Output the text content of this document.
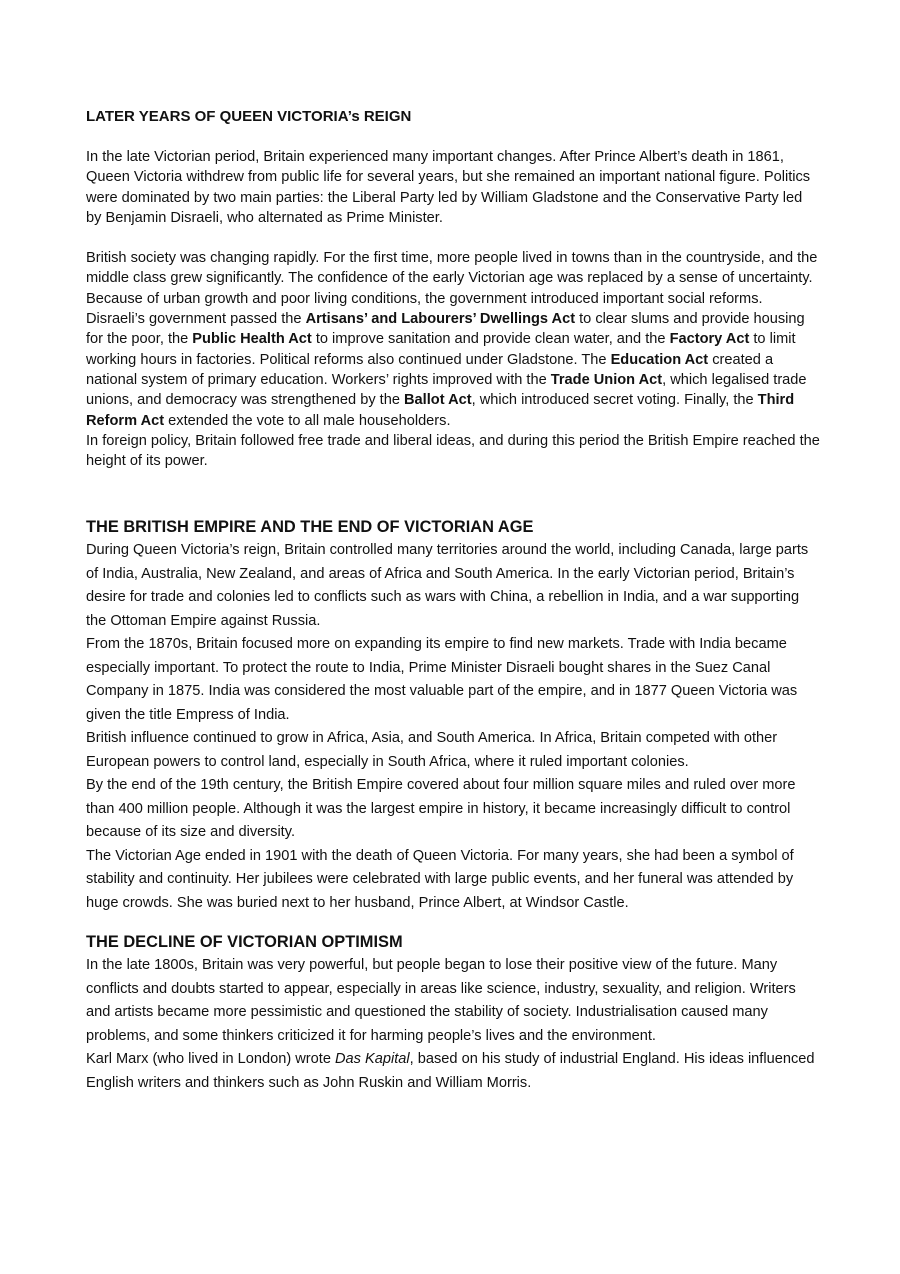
LATER YEARS OF QUEEN VICTORIA’s REIGN

In the late Victorian period, Britain experienced many important changes. After Prince Albert’s death in 1861, Queen Victoria withdrew from public life for several years, but she remained an important national figure. Politics were dominated by two main parties: the Liberal Party led by William Gladstone and the Conservative Party led by Benjamin Disraeli, who alternated as Prime Minister.

British society was changing rapidly. For the first time, more people lived in towns than in the countryside, and the middle class grew significantly. The confidence of the early Victorian age was replaced by a sense of uncertainty. Because of urban growth and poor living conditions, the government introduced important social reforms. Disraeli’s government passed the Artisans’ and Labourers’ Dwellings Act to clear slums and provide housing for the poor, the Public Health Act to improve sanitation and provide clean water, and the Factory Act to limit working hours in factories. Political reforms also continued under Gladstone. The Education Act created a national system of primary education. Workers’ rights improved with the Trade Union Act, which legalised trade unions, and democracy was strengthened by the Ballot Act, which introduced secret voting. Finally, the Third Reform Act extended the vote to all male householders.

In foreign policy, Britain followed free trade and liberal ideas, and during this period the British Empire reached the height of its power.

THE BRITISH EMPIRE AND THE END OF VICTORIAN AGE

During Queen Victoria’s reign, Britain controlled many territories around the world, including Canada, large parts of India, Australia, New Zealand, and areas of Africa and South America. In the early Victorian period, Britain’s desire for trade and colonies led to conflicts such as wars with China, a rebellion in India, and a war supporting the Ottoman Empire against Russia.

From the 1870s, Britain focused more on expanding its empire to find new markets. Trade with India became especially important. To protect the route to India, Prime Minister Disraeli bought shares in the Suez Canal Company in 1875. India was considered the most valuable part of the empire, and in 1877 Queen Victoria was given the title Empress of India.

British influence continued to grow in Africa, Asia, and South America. In Africa, Britain competed with other European powers to control land, especially in South Africa, where it ruled important colonies.

By the end of the 19th century, the British Empire covered about four million square miles and ruled over more than 400 million people. Although it was the largest empire in history, it became increasingly difficult to control because of its size and diversity.

The Victorian Age ended in 1901 with the death of Queen Victoria. For many years, she had been a symbol of stability and continuity. Her jubilees were celebrated with large public events, and her funeral was attended by huge crowds. She was buried next to her husband, Prince Albert, at Windsor Castle.

THE DECLINE OF VICTORIAN OPTIMISM

In the late 1800s, Britain was very powerful, but people began to lose their positive view of the future. Many conflicts and doubts started to appear, especially in areas like science, industry, sexuality, and religion. Writers and artists became more pessimistic and questioned the stability of society. Industrialisation caused many problems, and some thinkers criticized it for harming people’s lives and the environment.

Karl Marx (who lived in London) wrote Das Kapital, based on his study of industrial England. His ideas influenced English writers and thinkers such as John Ruskin and William Morris.
